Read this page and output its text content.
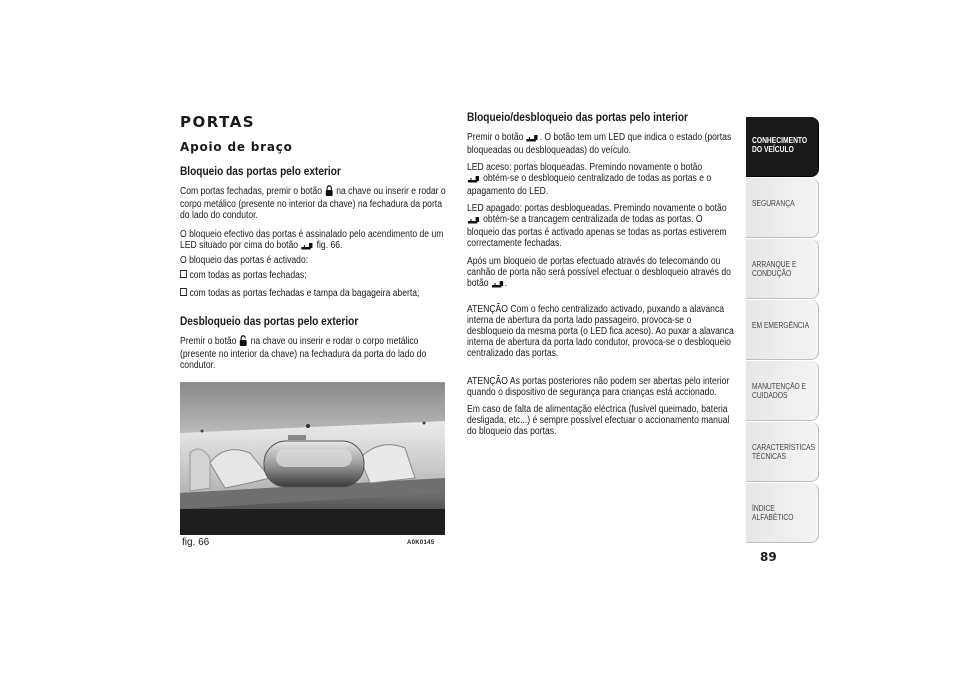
PORTAS
Apoio de braço
Bloqueio das portas pelo exterior
Com portas fechadas, premir o botão na chave ou inserir e rodar o
corpo metálico (presente no interior da chave) na fechadura da porta
do lado do condutor.
O bloqueio efectivo das portas é assinalado pelo acendimento de um
LED situado por cima do botão fig. 66.
O bloqueio das portas é activado:
com todas as portas fechadas;
com todas as portas fechadas e tampa da bagageira aberta;
Desbloqueio das portas pelo exterior
Premir o botão na chave ou inserir e rodar o corpo metálico
(presente no interior da chave) na fechadura da porta do lado do
condutor.
fig. 66	A0K0145
Bloqueio/desbloqueio das portas pelo interior
Premir o botão . O botão tem um LED que indica o estado (portas
bloqueadas ou desbloqueadas) do veículo.
LED aceso: portas bloqueadas. Premindo novamente o botão
obtém-se o desbloqueio centralizado de todas as portas e o
apagamento do LED.
LED apagado: portas desbloqueadas. Premindo novamente o botão
obtém-se a trancagem centralizada de todas as portas. O
bloqueio das portas é activado apenas se todas as portas estiverem
correctamente fechadas.
Após um bloqueio de portas efectuado através do telecomando ou
canhão de porta não será possível efectuar o desbloqueio através do
botão .
ATENÇÃO Com o fecho centralizado activado, puxando a alavanca
interna de abertura da porta lado passageiro, provoca-se o
desbloqueio da mesma porta (o LED fica aceso). Ao puxar a alavanca
interna de abertura da porta lado condutor, provoca-se o desbloqueio
centralizado das portas.
ATENÇÃO As portas posteriores não podem ser abertas pelo interior
quando o dispositivo de segurança para crianças está accionado.
Em caso de falta de alimentação eléctrica (fusível queimado, bateria
desligada, etc...) é sempre possível efectuar o accionamento manual
do bloqueio das portas.
CONHECIMENTO
DO VEÍCULO
SEGURANÇA

ARRANQUE E
CONDUÇÃO
EM EMERGÊNCIA

MANUTENÇÃO E
CUIDADOS
CARACTERÍSTICAS
TÉCNICAS
ÍNDICE ALFABÉTICO

89
